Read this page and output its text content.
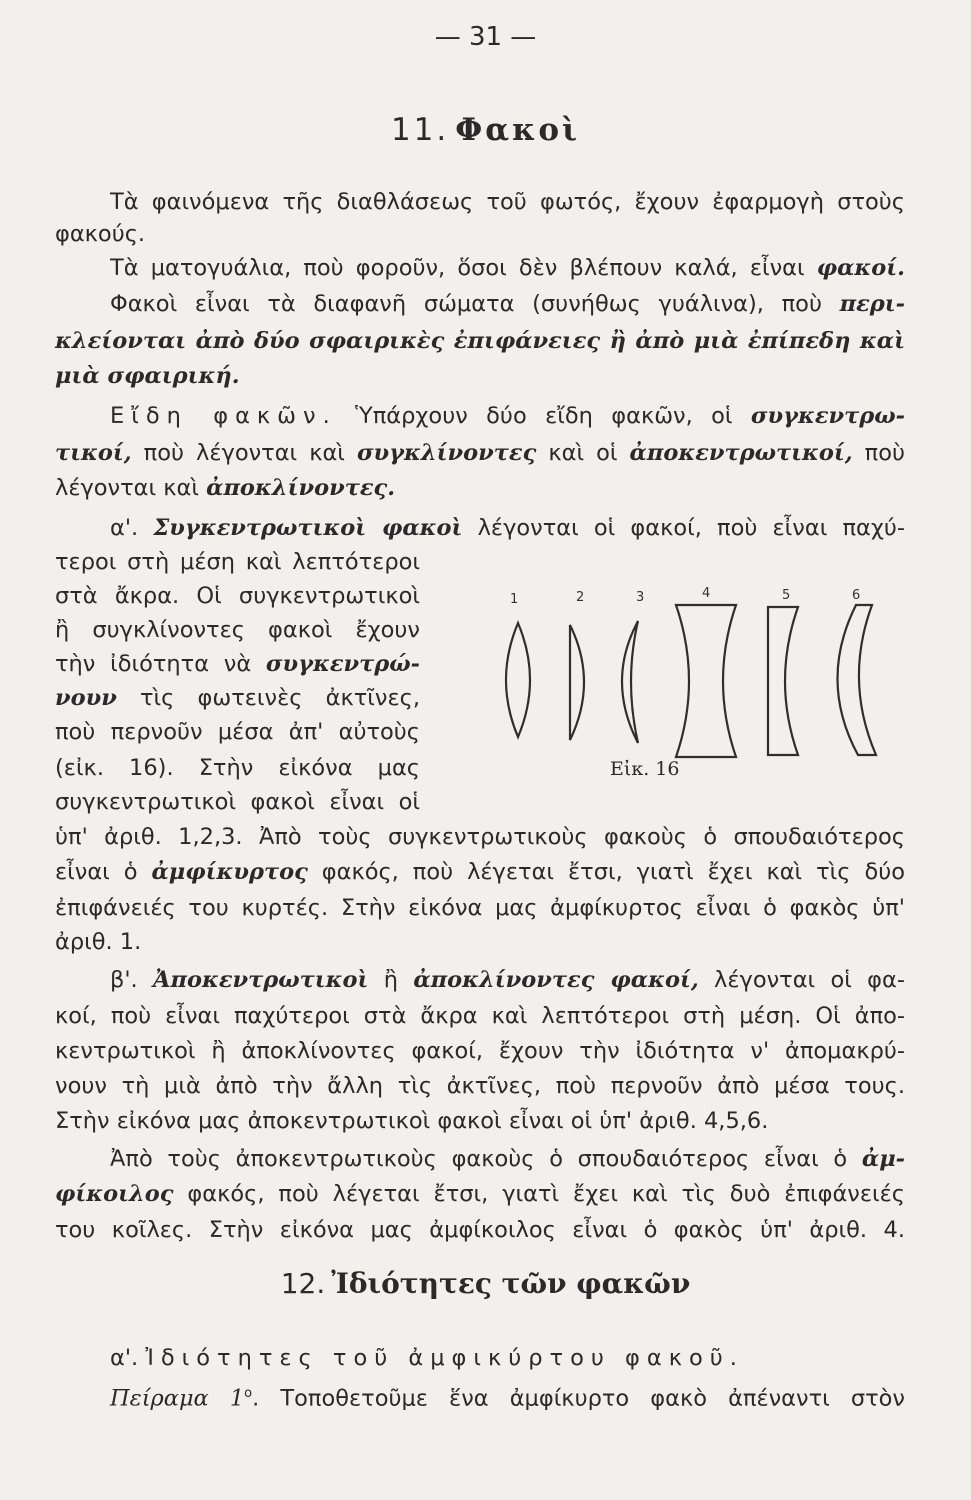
— 31 —
11. Φακοὶ
Τὰ φαινόμενα τῆς διαθλάσεως τοῦ φωτός, ἔχουν ἐφαρμογὴ στοὺς
φακούς.
Τὰ ματογυάλια, ποὺ φοροῦν, ὅσοι δὲν βλέπουν καλά, εἶναι φακοί.
Φακοὶ εἶναι τὰ διαφανῆ σώματα (συνήθως γυάλινα), ποὺ περι-
κλείονται ἀπὸ δύο σφαιρικὲς ἐπιφάνειες ἢ ἀπὸ μιὰ ἐπίπεδη καὶ
μιὰ σφαιρική.
Εἴδη φακῶν. Ὑπάρχουν δύο εἴδη φακῶν, οἱ συγκεντρω-
τικοί, ποὺ λέγονται καὶ συγκλίνοντες καὶ οἱ ἀποκεντρωτικοί, ποὺ
λέγονται καὶ ἀποκλίνοντες.
α'. Συγκεντρωτικοὶ φακοὶ λέγονται οἱ φακοί, ποὺ εἶναι παχύ-
τεροι στὴ μέση καὶ λεπτότεροι
στὰ ἄκρα. Οἱ συγκεντρωτικοὶ
ἢ συγκλίνοντες φακοὶ ἔχουν
τὴν ἰδιότητα νὰ συγκεντρώ-
νουν τὶς φωτεινὲς ἀκτῖνες,
ποὺ περνοῦν μέσα ἀπ' αὐτοὺς
(εἰκ. 16). Στὴν εἰκόνα μας
συγκεντρωτικοὶ φακοὶ εἶναι οἱ
ὑπ' ἀριθ. 1,2,3. Ἀπὸ τοὺς συγκεντρωτικοὺς φακοὺς ὁ σπουδαιότερος
εἶναι ὁ ἀμφίκυρτος φακός, ποὺ λέγεται ἔτσι, γιατὶ ἔχει καὶ τὶς δύο
ἐπιφάνειές του κυρτές. Στὴν εἰκόνα μας ἀμφίκυρτος εἶναι ὁ φακὸς ὑπ'
ἀριθ. 1.
1	2	3	4	5	6
Εἰκ. 16
β'. Ἀποκεντρωτικοὶ ἢ ἀποκλίνοντες φακοί, λέγονται οἱ φα-
κοί, ποὺ εἶναι παχύτεροι στὰ ἄκρα καὶ λεπτότεροι στὴ μέση. Οἱ ἀπο-
κεντρωτικοὶ ἢ ἀποκλίνοντες φακοί, ἔχουν τὴν ἰδιότητα ν' ἀπομακρύ-
νουν τὴ μιὰ ἀπὸ τὴν ἄλλη τὶς ἀκτῖνες, ποὺ περνοῦν ἀπὸ μέσα τους.
Στὴν εἰκόνα μας ἀποκεντρωτικοὶ φακοὶ εἶναι οἱ ὑπ' ἀριθ. 4,5,6.
Ἀπὸ τοὺς ἀποκεντρωτικοὺς φακοὺς ὁ σπουδαιότερος εἶναι ὁ ἀμ-
φίκοιλος φακός, ποὺ λέγεται ἔτσι, γιατὶ ἔχει καὶ τὶς δυὸ ἐπιφάνειές
του κοῖλες. Στὴν εἰκόνα μας ἀμφίκοιλος εἶναι ὁ φακὸς ὑπ' ἀριθ. 4.
12. Ἰδιότητες τῶν φακῶν
α'. Ἰδιότητες τοῦ ἀμφικύρτου φακοῦ.
Πείραμα $1^o$. Τοποθετοῦμε ἕνα ἀμφίκυρτο φακὸ ἀπέναντι στὸν
